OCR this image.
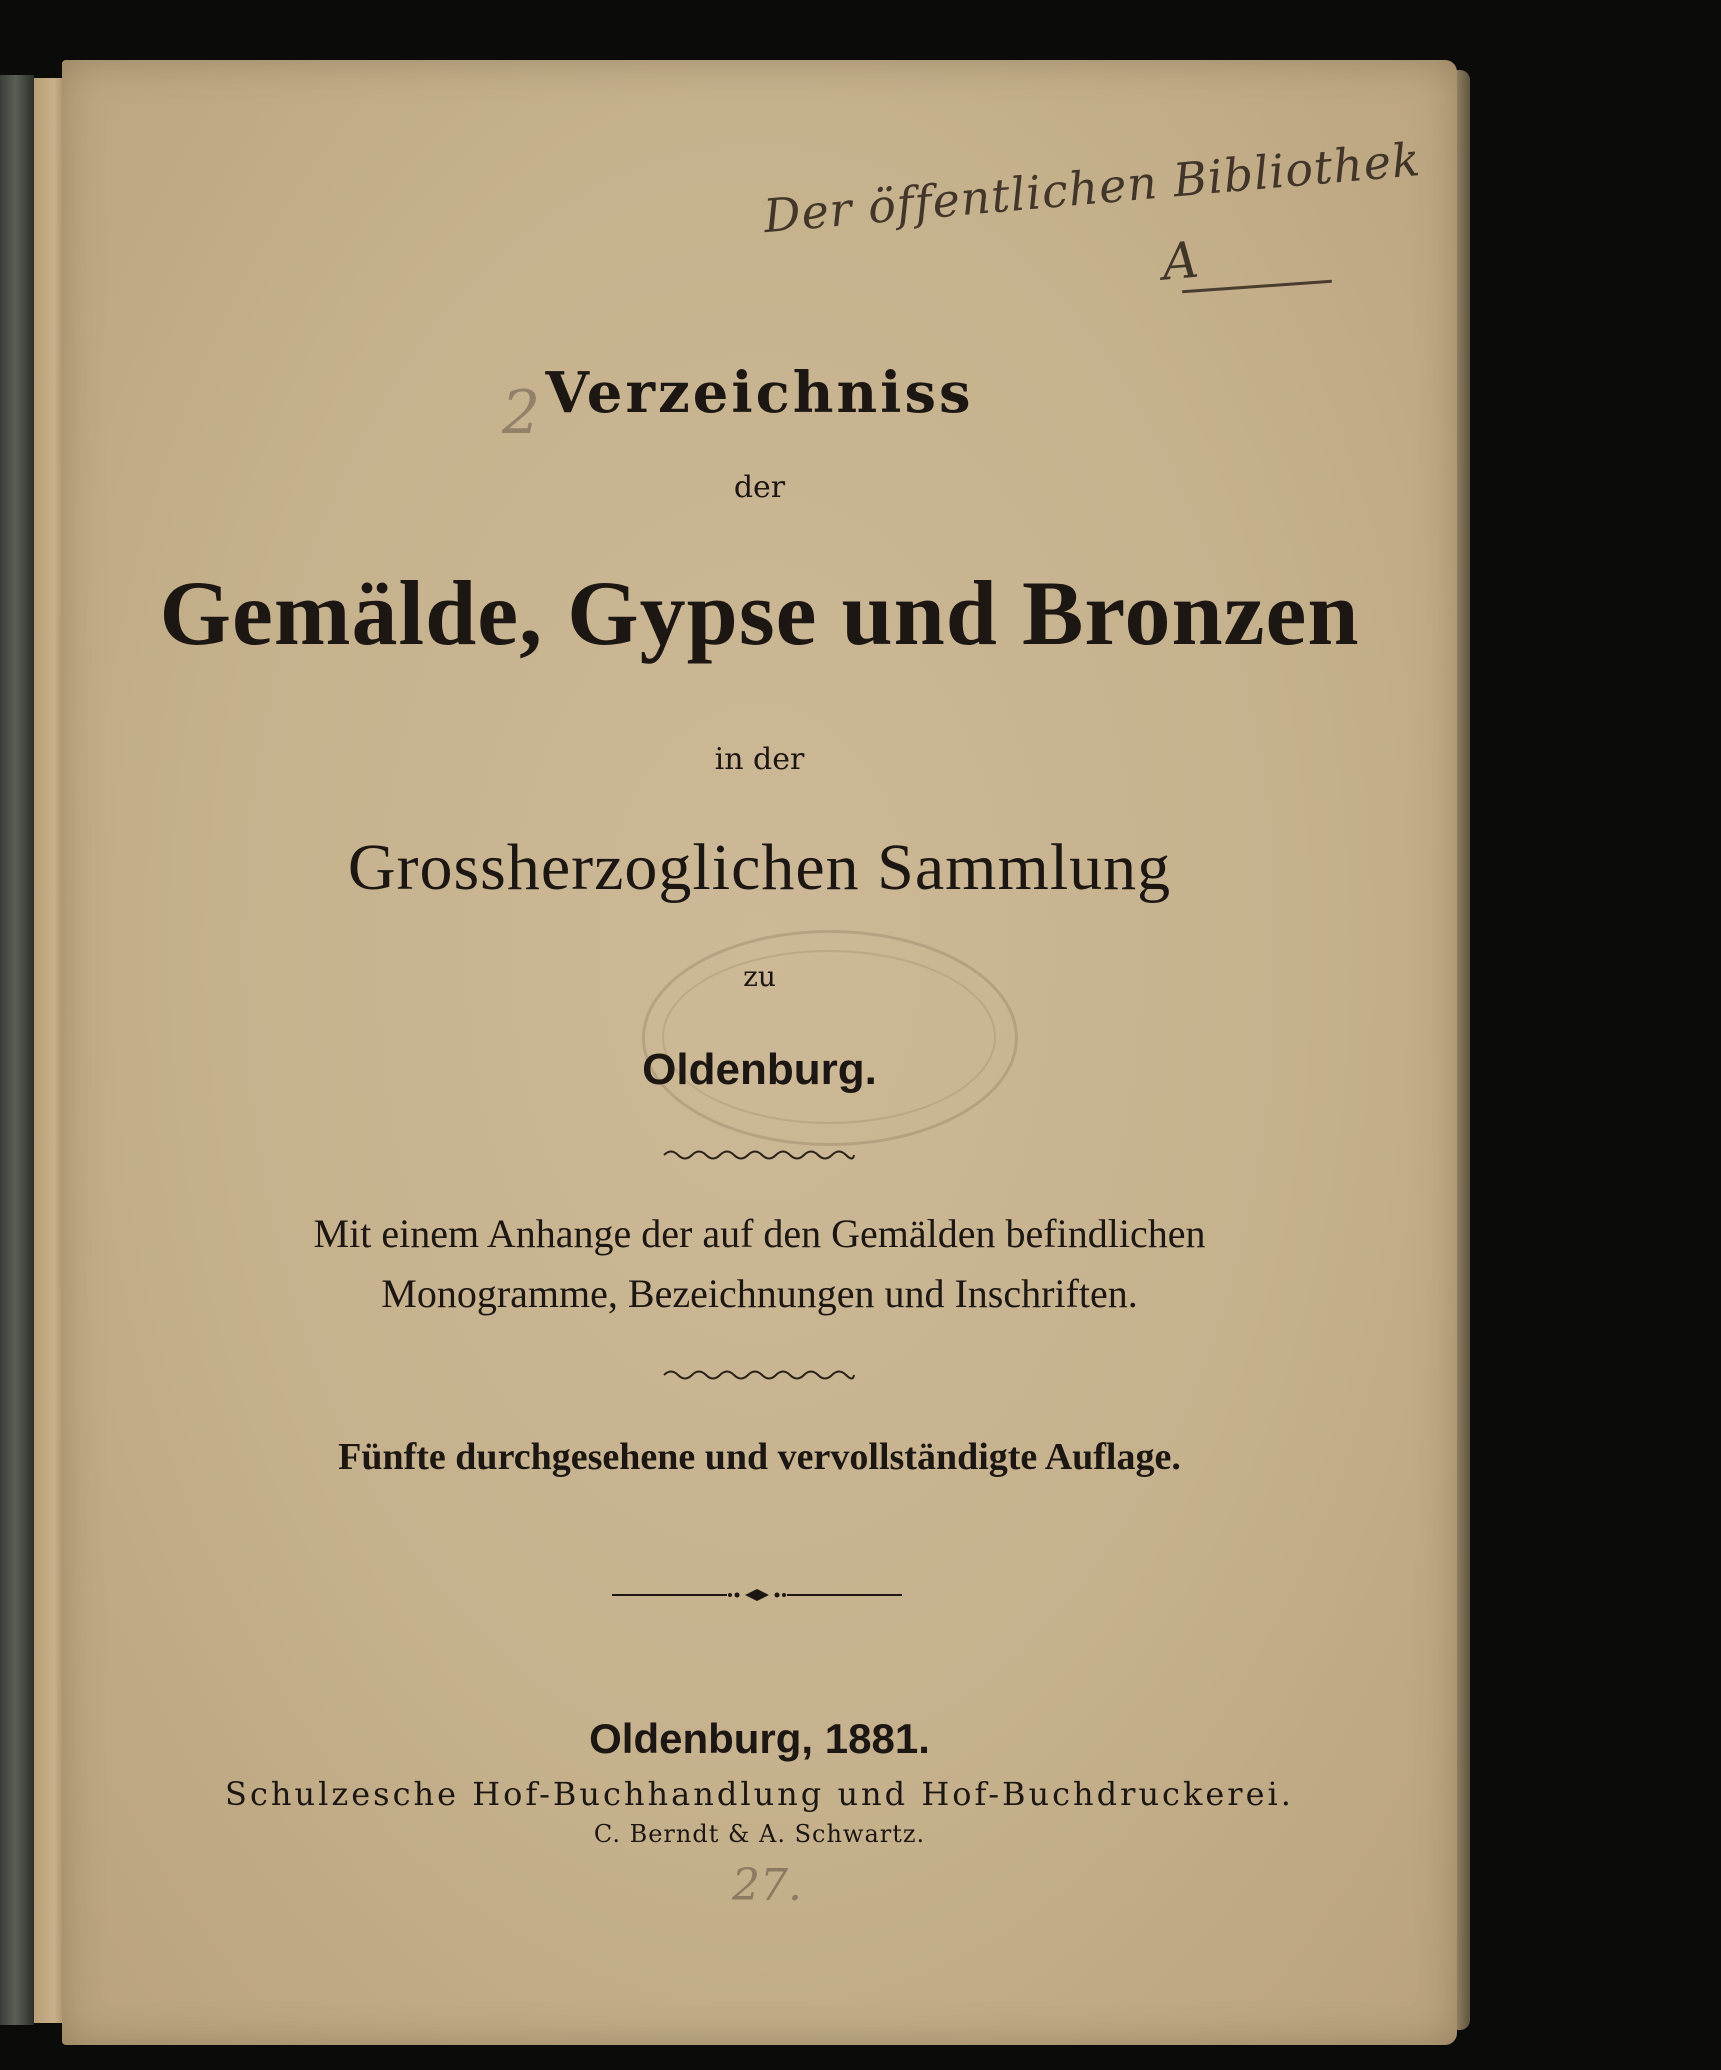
Der öffentlichen Bibliothek
A
2 Verzeichniss
der
Gemälde, Gypse und Bronzen
in der
Grossherzoglichen Sammlung
zu
Oldenburg.
Mit einem Anhange der auf den Gemälden befindlichen
Monogramme, Bezeichnungen und Inschriften.
Fünfte durchgesehene und vervollständigte Auflage.
Oldenburg, 1881.
Schulzesche Hof-Buchhandlung und Hof-Buchdruckerei.
C. Berndt & A. Schwartz.
27.
